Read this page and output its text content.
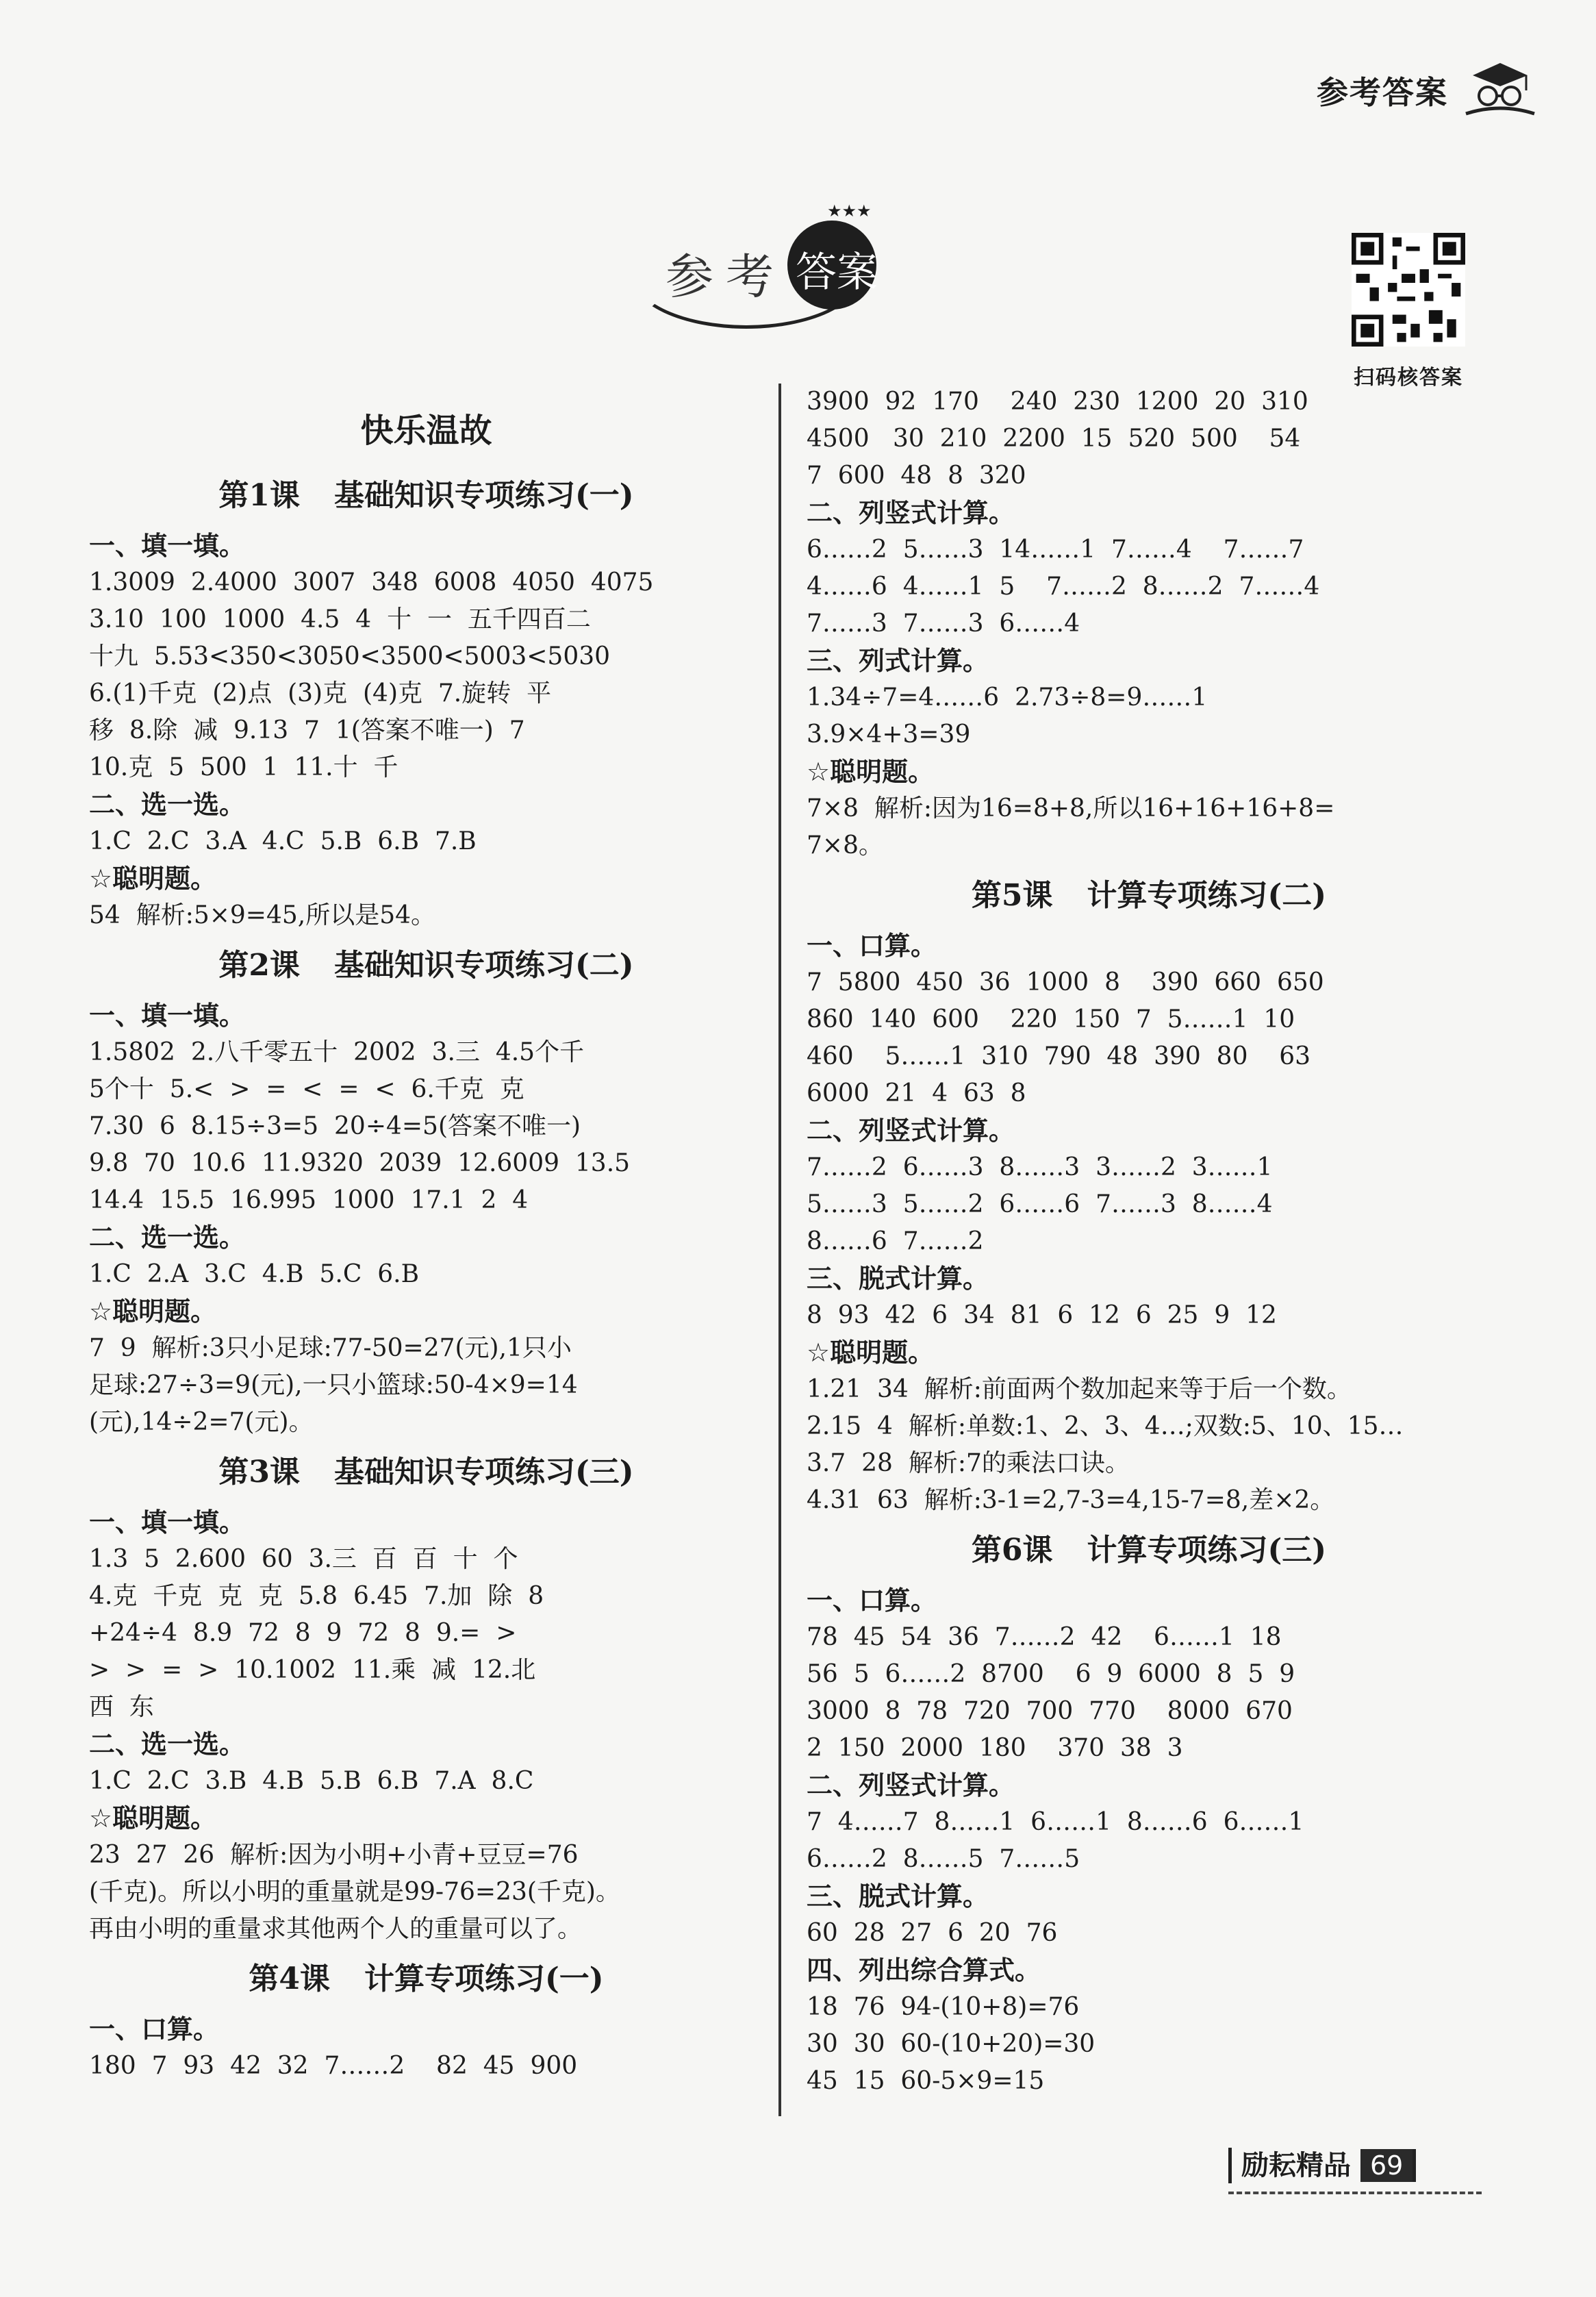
参考答案
★★★
参 考 答案
扫码核答案
快乐温故
第1课 基础知识专项练习(一)
一、填一填。
1.3009  2.4000  3007  348  6008  4050  4075
3.10  100  1000  4.5  4  十  一  五千四百二
十九  5.53<350<3050<3500<5003<5030
6.(1)千克  (2)点  (3)克  (4)克  7.旋转  平
移  8.除  减  9.13  7  1(答案不唯一)  7
10.克  5  500  1  11.十  千
二、选一选。
1.C  2.C  3.A  4.C  5.B  6.B  7.B
☆聪明题。
54  解析:5×9=45,所以是54。
第2课 基础知识专项练习(二)
一、填一填。
1.5802  2.八千零五十  2002  3.三  4.5个千
5个十  5.<  >  =  <  =  <  6.千克  克
7.30  6  8.15÷3=5  20÷4=5(答案不唯一)
9.8  70  10.6  11.9320  2039  12.6009  13.5
14.4  15.5  16.995  1000  17.1  2  4
二、选一选。
1.C  2.A  3.C  4.B  5.C  6.B
☆聪明题。
7  9  解析:3只小足球:77-50=27(元),1只小
足球:27÷3=9(元),一只小篮球:50-4×9=14
(元),14÷2=7(元)。
第3课 基础知识专项练习(三)
一、填一填。
1.3  5  2.600  60  3.三  百  百  十  个
4.克  千克  克  克  5.8  6.45  7.加  除  8
+24÷4  8.9  72  8  9  72  8  9.=  >
>  >  =  >  10.1002  11.乘  减  12.北
西  东
二、选一选。
1.C  2.C  3.B  4.B  5.B  6.B  7.A  8.C
☆聪明题。
23  27  26  解析:因为小明+小青+豆豆=76
(千克)。所以小明的重量就是99-76=23(千克)。
再由小明的重量求其他两个人的重量可以了。
第4课 计算专项练习(一)
一、口算。
180  7  93  42  32  7……2    82  45  900
3900  92  170    240  230  1200  20  310
4500   30  210  2200  15  520  500    54
7  600  48  8  320
二、列竖式计算。
6……2  5……3  14……1  7……4    7……7
4……6  4……1  5    7……2  8……2  7……4
7……3  7……3  6……4
三、列式计算。
1.34÷7=4……6  2.73÷8=9……1
3.9×4+3=39
☆聪明题。
7×8  解析:因为16=8+8,所以16+16+16+8=
7×8。
第5课 计算专项练习(二)
一、口算。
7  5800  450  36  1000  8    390  660  650
860  140  600    220  150  7  5……1  10
460    5……1  310  790  48  390  80    63
6000  21  4  63  8
二、列竖式计算。
7……2  6……3  8……3  3……2  3……1
5……3  5……2  6……6  7……3  8……4
8……6  7……2
三、脱式计算。
8  93  42  6  34  81  6  12  6  25  9  12
☆聪明题。
1.21  34  解析:前面两个数加起来等于后一个数。
2.15  4  解析:单数:1、2、3、4…;双数:5、10、15…
3.7  28  解析:7的乘法口诀。
4.31  63  解析:3-1=2,7-3=4,15-7=8,差×2。
第6课 计算专项练习(三)
一、口算。
78  45  54  36  7……2  42    6……1  18
56  5  6……2  8700    6  9  6000  8  5  9
3000  8  78  720  700  770    8000  670
2  150  2000  180    370  38  3
二、列竖式计算。
7  4……7  8……1  6……1  8……6  6……1
6……2  8……5  7……5
三、脱式计算。
60  28  27  6  20  76
四、列出综合算式。
18  76  94-(10+8)=76
30  30  60-(10+20)=30
45  15  60-5×9=15
励耘精品 69
